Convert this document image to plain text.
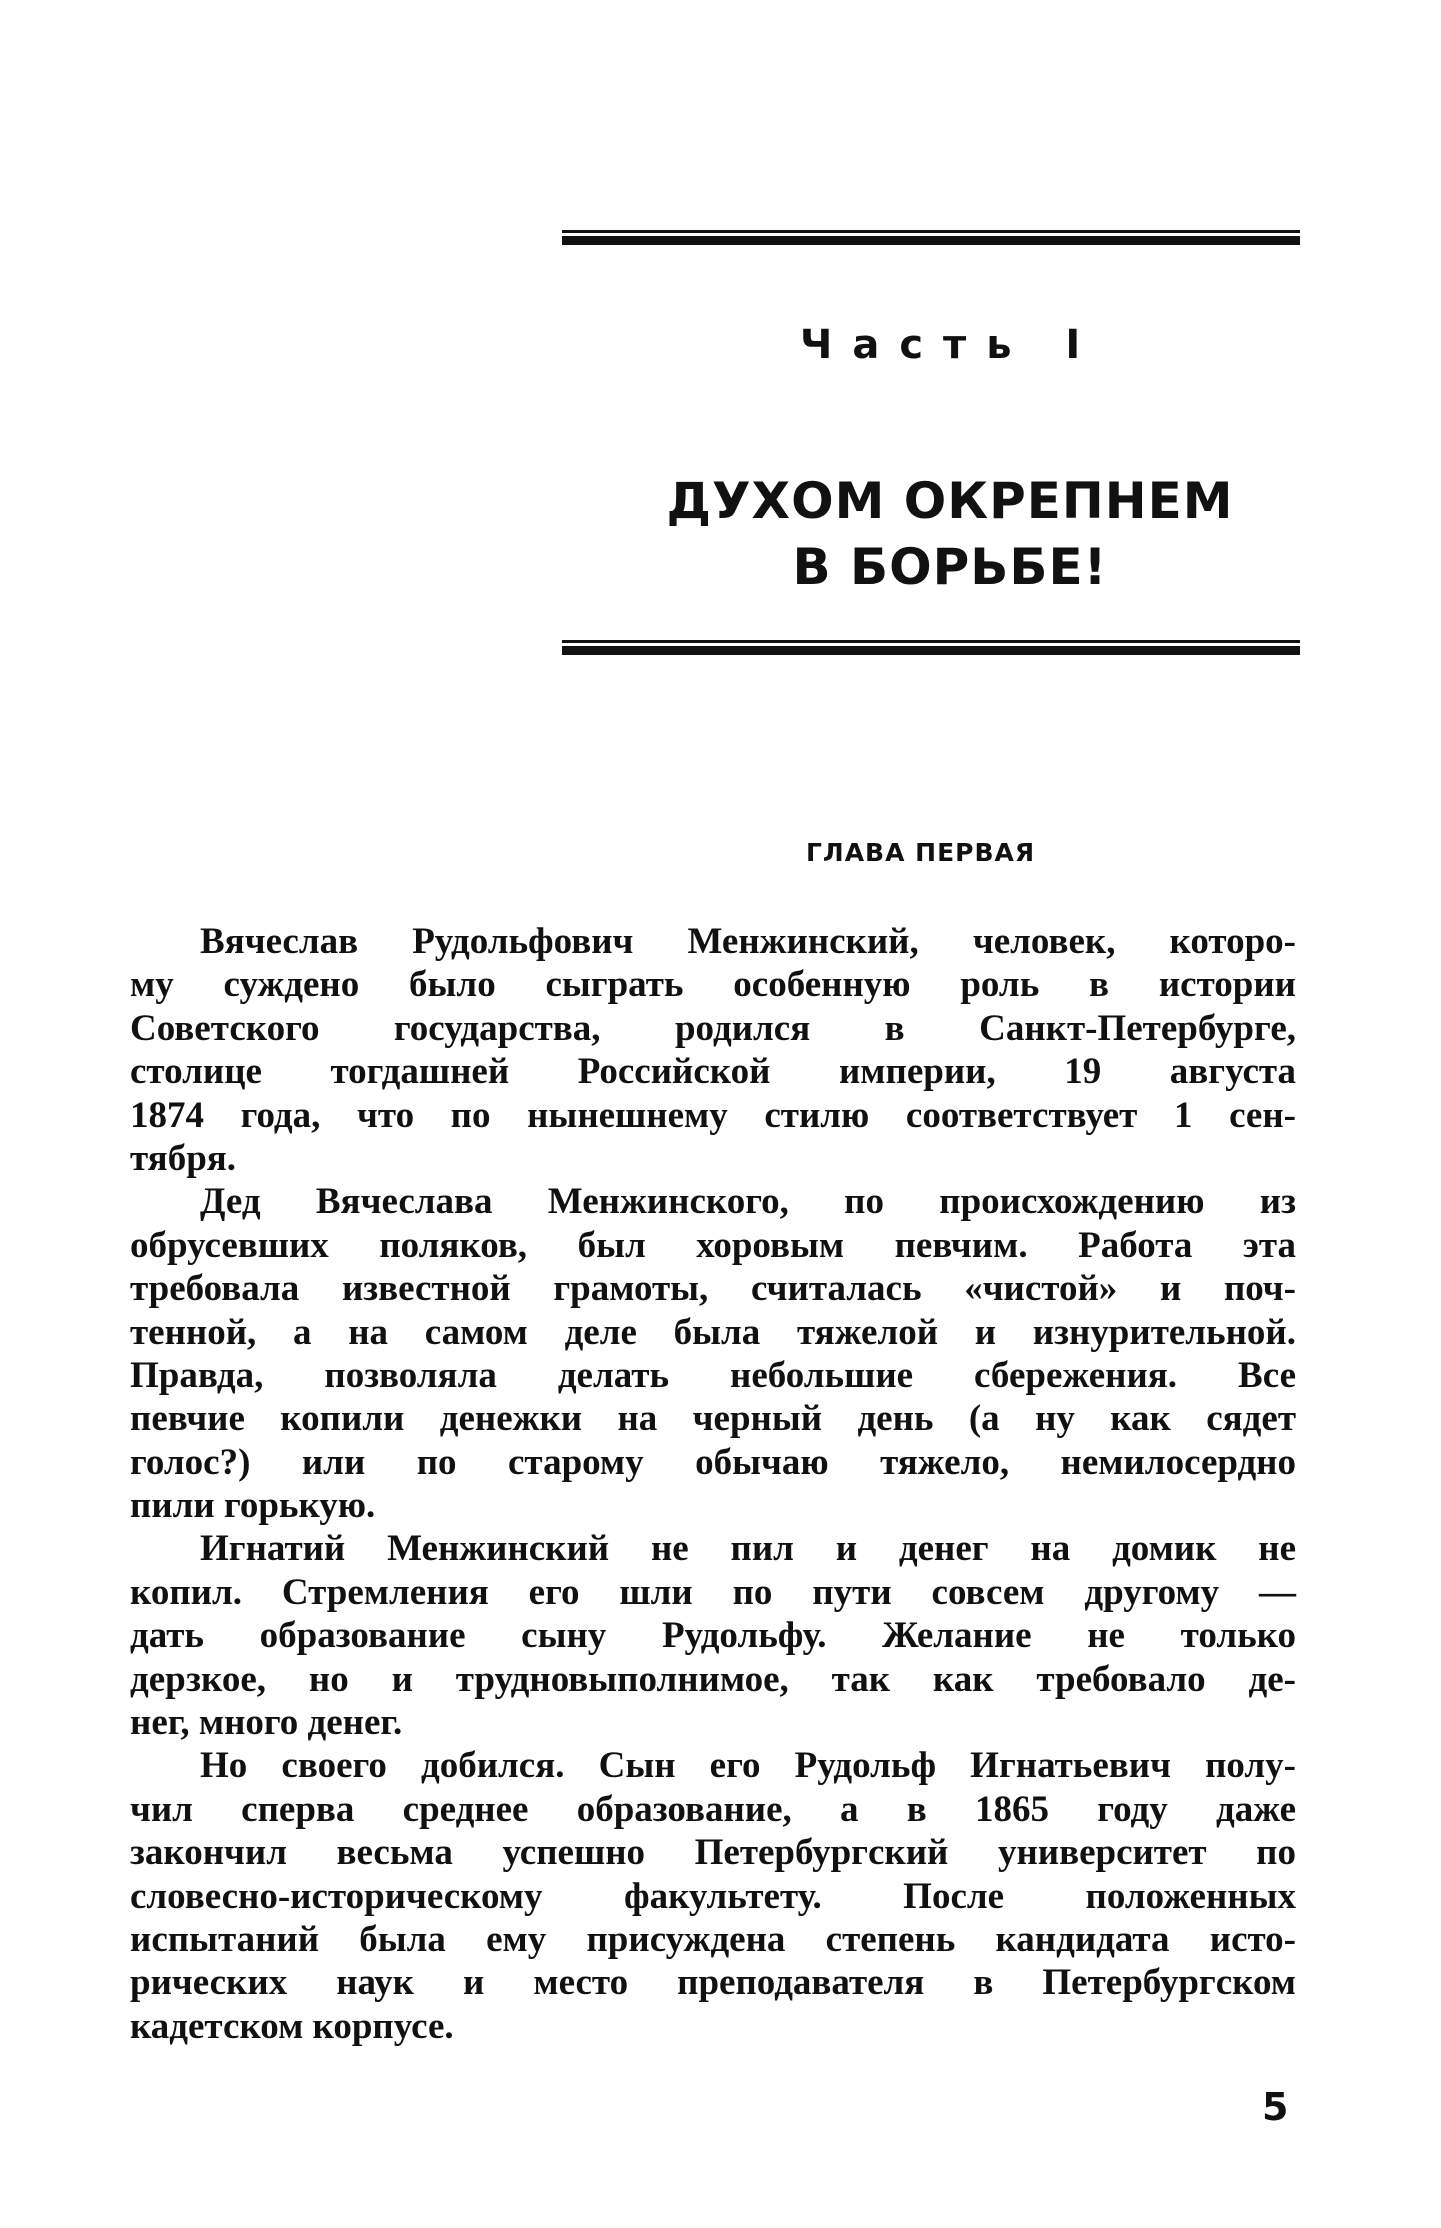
Часть I
ДУХОМ ОКРЕПНЕМ
В БОРЬБЕ!
ГЛАВА ПЕРВАЯ
Вячеслав Рудольфович Менжинский, человек, которо-
му суждено было сыграть особенную роль в истории
Советского государства, родился в Санкт-Петербурге,
столице тогдашней Российской империи, 19 августа
1874 года, что по нынешнему стилю соответствует 1 сен-
тября.
Дед Вячеслава Менжинского, по происхождению из
обрусевших поляков, был хоровым певчим. Работа эта
требовала известной грамоты, считалась «чистой» и поч-
тенной, а на самом деле была тяжелой и изнурительной.
Правда, позволяла делать небольшие сбережения. Все
певчие копили денежки на черный день (а ну как сядет
голос?) или по старому обычаю тяжело, немилосердно
пили горькую.
Игнатий Менжинский не пил и денег на домик не
копил. Стремления его шли по пути совсем другому —
дать образование сыну Рудольфу. Желание не только
дерзкое, но и трудновыполнимое, так как требовало де-
нег, много денег.
Но своего добился. Сын его Рудольф Игнатьевич полу-
чил сперва среднее образование, а в 1865 году даже
закончил весьма успешно Петербургский университет по
словесно-историческому факультету. После положенных
испытаний была ему присуждена степень кандидата исто-
рических наук и место преподавателя в Петербургском
кадетском корпусе.
5
